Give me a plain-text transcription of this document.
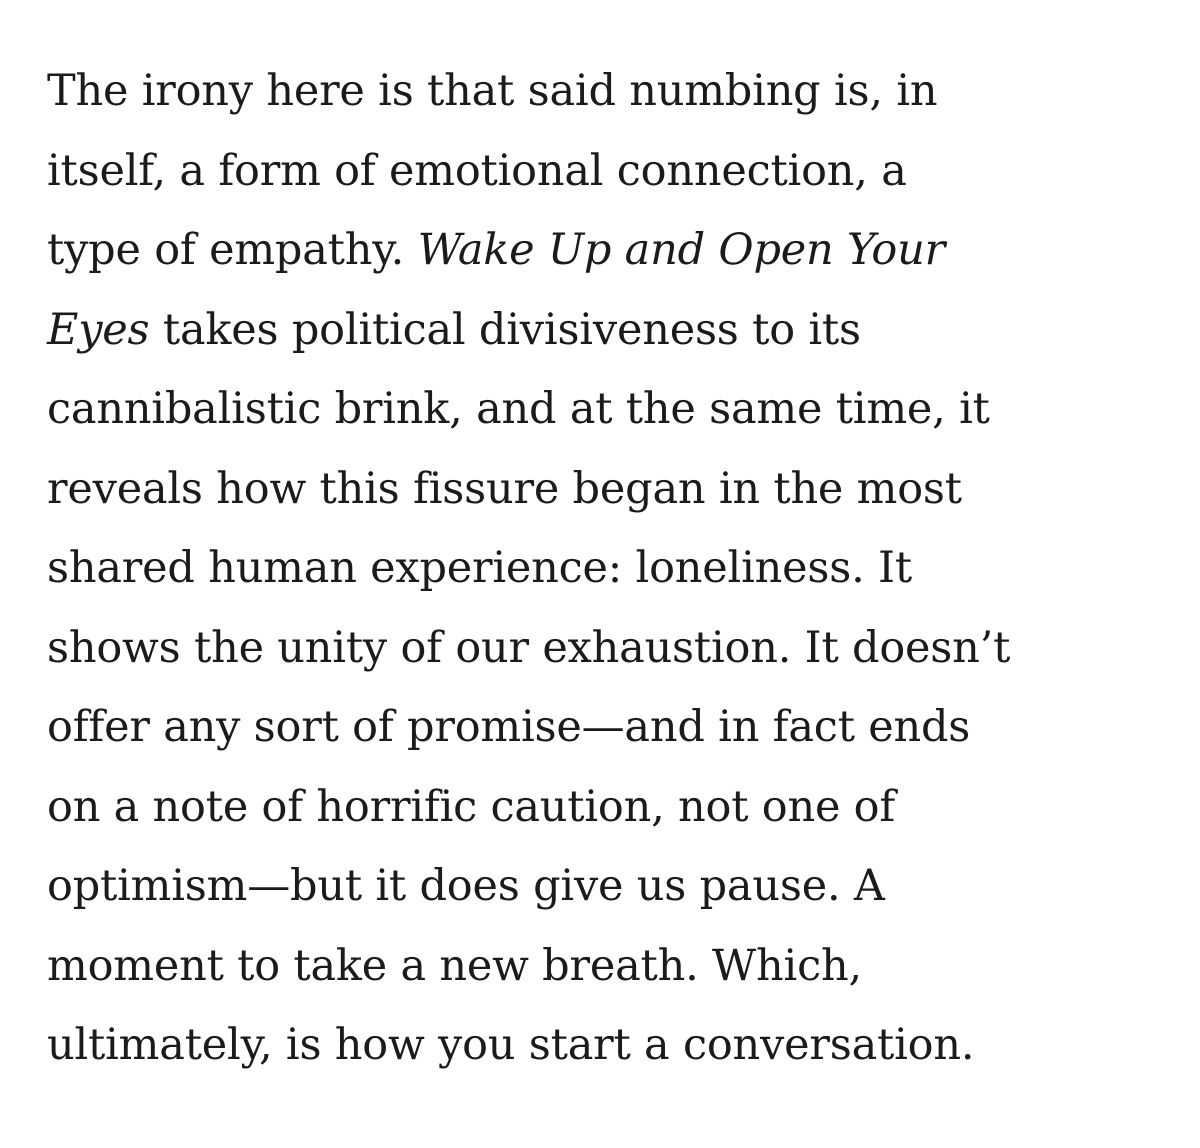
The irony here is that said numbing is, in
itself, a form of emotional connection, a
type of empathy. Wake Up and Open Your
Eyes takes political divisiveness to its
cannibalistic brink, and at the same time, it
reveals how this fissure began in the most
shared human experience: loneliness. It
shows the unity of our exhaustion. It doesn’t
offer any sort of promise—and in fact ends
on a note of horrific caution, not one of
optimism—but it does give us pause. A
moment to take a new breath. Which,
ultimately, is how you start a conversation.
